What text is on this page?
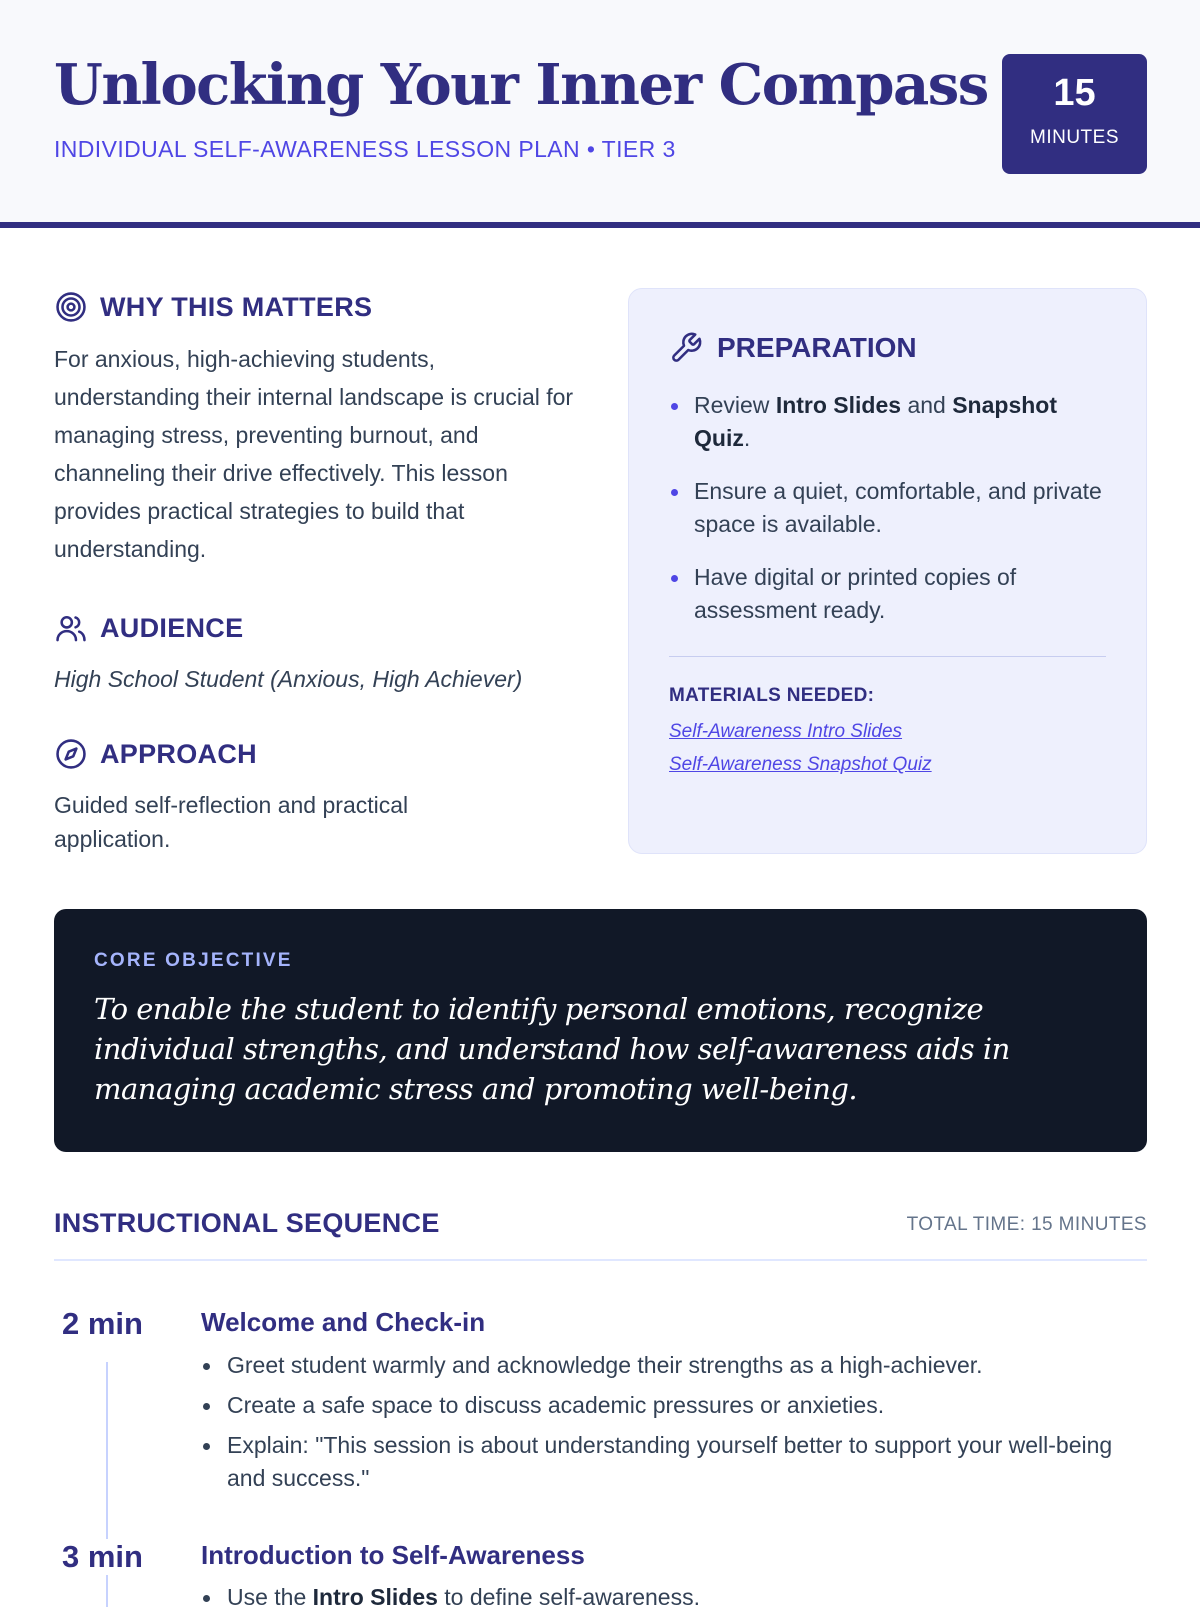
Unlocking Your Inner Compass
INDIVIDUAL SELF-AWARENESS LESSON PLAN • TIER 3
15
MINUTES
WHY THIS MATTERS
For anxious, high-achieving students, understanding their internal landscape is crucial for managing stress, preventing burnout, and channeling their drive effectively. This lesson provides practical strategies to build that understanding.
AUDIENCE
High School Student (Anxious, High Achiever)
APPROACH
Guided self-reflection and practical application.
PREPARATION
Review Intro Slides and Snapshot Quiz.
Ensure a quiet, comfortable, and private space is available.
Have digital or printed copies of assessment ready.
MATERIALS NEEDED:
Self-Awareness Intro Slides
Self-Awareness Snapshot Quiz
CORE OBJECTIVE
To enable the student to identify personal emotions, recognize individual strengths, and understand how self-awareness aids in managing academic stress and promoting well-being.
INSTRUCTIONAL SEQUENCE	TOTAL TIME: 15 MINUTES
2 min Welcome and Check-in
Greet student warmly and acknowledge their strengths as a high-achiever.
Create a safe space to discuss academic pressures or anxieties.
Explain: "This session is about understanding yourself better to support your well-being and success."
3 min Introduction to Self-Awareness
Use the Intro Slides to define self-awareness.
